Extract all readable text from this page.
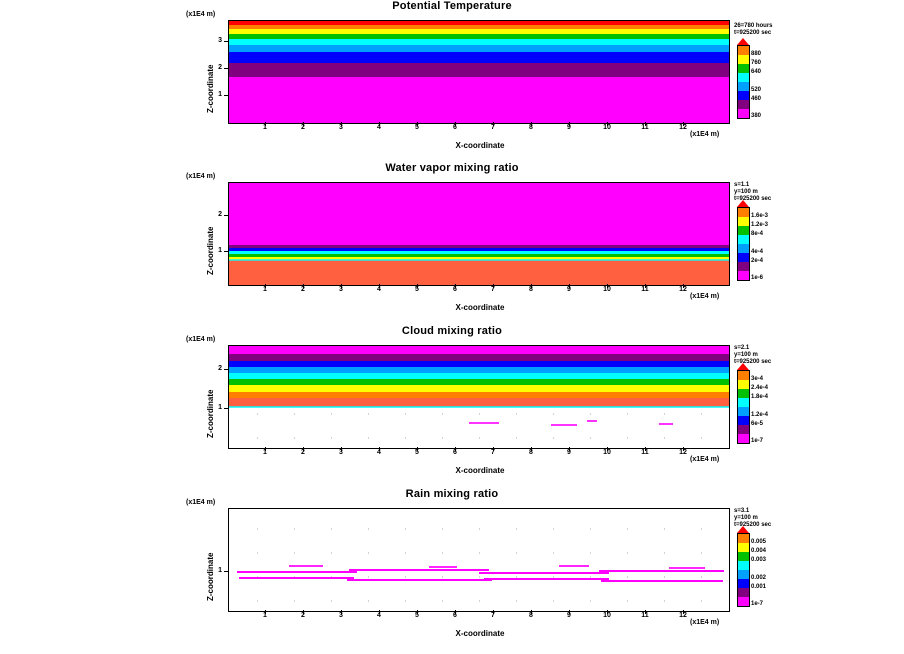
Potential Temperature
(x1E4 m)
Z-coordinate
1	2	3	4	5	6	7	8	9	10	11	12
1
2
3
X-coordinate
(x1E4 m)
26=780 hours
t=925200 sec
880
760
640
520
460
380
Water vapor mixing ratio
(x1E4 m)
Z-coordinate
1	2	3	4	5	6	7	8	9	10	11	12
1
2
X-coordinate
(x1E4 m)
s=1.1
y=100 m
t=925200 sec
1.6e-3
1.2e-3
8e-4
4e-4
2e-4
1e-6
Cloud mixing ratio
(x1E4 m)
Z-coordinate
1	2	3	4	5	6	7	8	9	10	11	12
1
2
X-coordinate
(x1E4 m)
s=2.1
y=100 m
t=925200 sec
3e-4
2.4e-4
1.8e-4
1.2e-4
6e-5
1e-7
Rain mixing ratio
(x1E4 m)
Z-coordinate
1	2	3	4	5	6	7	8	9	10	11	12
1
X-coordinate
(x1E4 m)
s=3.1
y=100 m
t=925200 sec
0.005
0.004
0.003
0.002
0.001
1e-7
